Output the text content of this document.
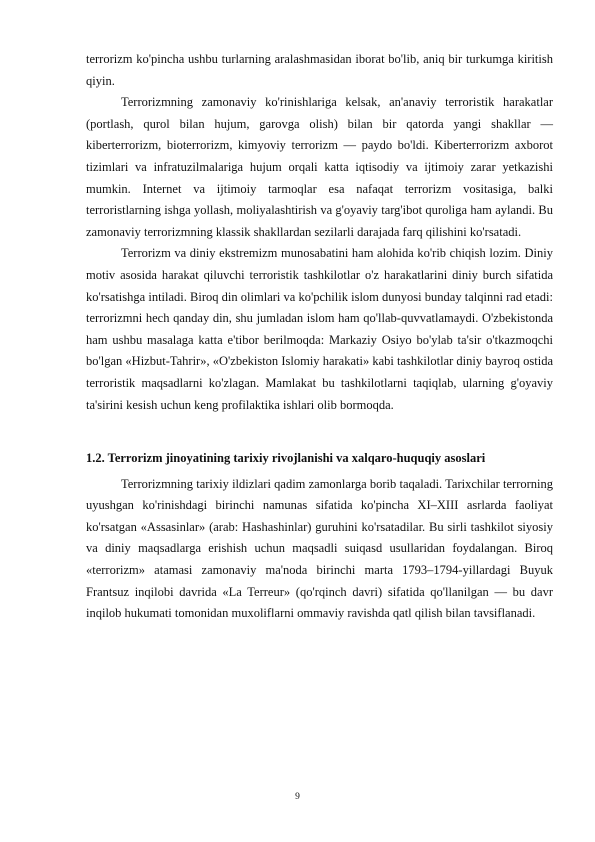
terrorizm ko'pincha ushbu turlarning aralashmasidan iborat bo'lib, aniq bir turkumga kiritish qiyin.

Terrorizmning zamonaviy ko'rinishlariga kelsak, an'anaviy terroristik harakatlar (portlash, qurol bilan hujum, garovga olish) bilan bir qatorda yangi shakllar — kiberterrorizm, bioterrorizm, kimyoviy terrorizm — paydo bo'ldi. Kiberterrorizm axborot tizimlari va infratuzilmalariga hujum orqali katta iqtisodiy va ijtimoiy zarar yetkazishi mumkin. Internet va ijtimoiy tarmoqlar esa nafaqat terrorizm vositasiga, balki terroristlarning ishga yollash, moliyalashtirish va g'oyaviy targ'ibot quroliga ham aylandi. Bu zamonaviy terrorizmning klassik shakllardan sezilarli darajada farq qilishini ko'rsatadi.

Terrorizm va diniy ekstremizm munosabatini ham alohida ko'rib chiqish lozim. Diniy motiv asosida harakat qiluvchi terroristik tashkilotlar o'z harakatlarini diniy burch sifatida ko'rsatishga intiladi. Biroq din olimlari va ko'pchilik islom dunyosi bunday talqinni rad etadi: terrorizmni hech qanday din, shu jumladan islom ham qo'llab-quvvatlamaydi. O'zbekistonda ham ushbu masalaga katta e'tibor berilmoqda: Markaziy Osiyo bo'ylab ta'sir o'tkazmoqchi bo'lgan «Hizbut-Tahrir», «O'zbekiston Islomiy harakati» kabi tashkilotlar diniy bayroq ostida terroristik maqsadlarni ko'zlagan. Mamlakat bu tashkilotlarni taqiqlab, ularning g'oyaviy ta'sirini kesish uchun keng profilaktika ishlari olib bormoqda.

1.2. Terrorizm jinoyatining tarixiy rivojlanishi va xalqaro-huquqiy asoslari

Terrorizmning tarixiy ildizlari qadim zamonlarga borib taqaladi. Tarixchilar terrorning uyushgan ko'rinishdagi birinchi namunas sifatida ko'pincha XI–XIII asrlarda faoliyat ko'rsatgan «Assasinlar» (arab: Hashashinlar) guruhini ko'rsatadilar. Bu sirli tashkilot siyosiy va diniy maqsadlarga erishish uchun maqsadli suiqasd usullaridan foydalangan. Biroq «terrorizm» atamasi zamonaviy ma'noda birinchi marta 1793–1794-yillardagi Buyuk Frantsuz inqilobi davrida «La Terreur» (qo'rqinch davri) sifatida qo'llanilgan — bu davr inqilob hukumati tomonidan muxoliflarni ommaviy ravishda qatl qilish bilan tavsiflanadi.

9
